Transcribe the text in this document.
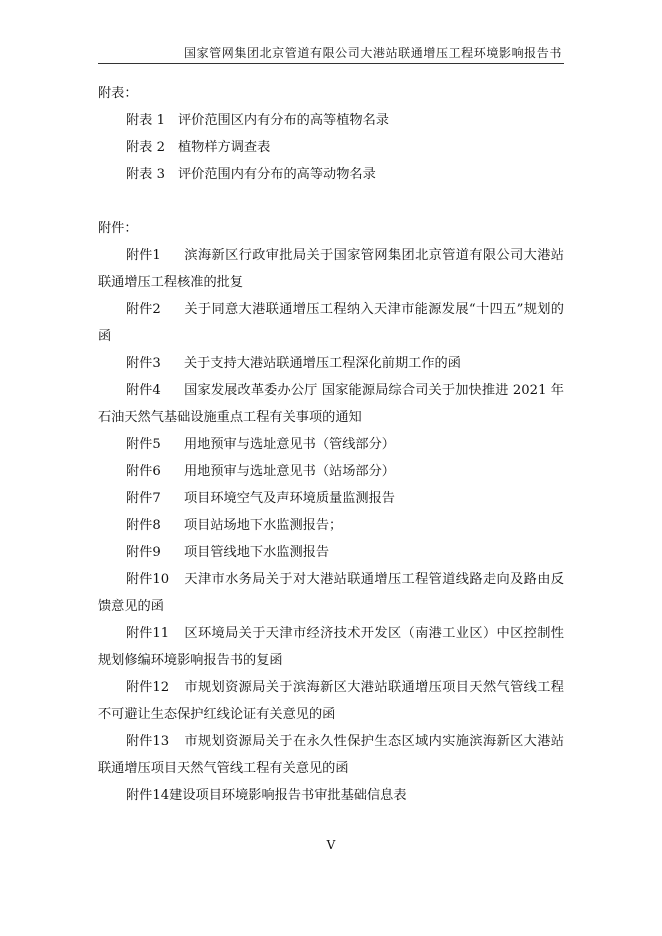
国家管网集团北京管道有限公司大港站联通增压工程环境影响报告书

附表：

附表 1 评价范围区内有分布的高等植物名录

附表 2 植物样方调查表

附表 3 评价范围内有分布的高等动物名录

附件：

附件1 滨海新区行政审批局关于国家管网集团北京管道有限公司大港站联通增压工程核准的批复

附件2 关于同意大港联通增压工程纳入天津市能源发展“十四五”规划的函

附件3 关于支持大港站联通增压工程深化前期工作的函

附件4 国家发展改革委办公厅 国家能源局综合司关于加快推进 2021 年石油天然气基础设施重点工程有关事项的通知

附件5 用地预审与选址意见书（管线部分）

附件6 用地预审与选址意见书（站场部分）

附件7 项目环境空气及声环境质量监测报告

附件8 项目站场地下水监测报告；

附件9 项目管线地下水监测报告

附件10 天津市水务局关于对大港站联通增压工程管道线路走向及路由反馈意见的函

附件11 区环境局关于天津市经济技术开发区（南港工业区）中区控制性规划修编环境影响报告书的复函

附件12 市规划资源局关于滨海新区大港站联通增压项目天然气管线工程不可避让生态保护红线论证有关意见的函

附件13 市规划资源局关于在永久性保护生态区域内实施滨海新区大港站联通增压项目天然气管线工程有关意见的函

附件14建设项目环境影响报告书审批基础信息表

V
